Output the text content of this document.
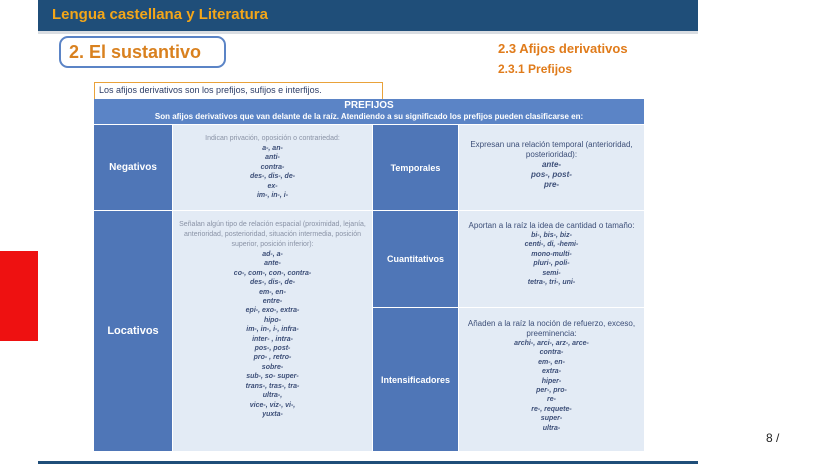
Lengua castellana y Literatura
2. El sustantivo	2.3 Afijos derivativos
2.3.1 Prefijos
Los afijos derivativos son los prefijos, sufijos e interfijos.
PREFIJOS
Son afijos derivativos que van delante de la raíz. Atendiendo a su significado los prefijos pueden clasificarse en:
Negativos
Indican privación, oposición o contrariedad:
a-, an-
anti-
contra-
des-, dis-, de-
ex-
im-, in-, i-
Temporales
Expresan una relación temporal (anterioridad, posterioridad):
ante-
pos-, post-
pre-
Locativos
Señalan algún tipo de relación espacial (proximidad, lejanía, anterioridad, posterioridad, situación intermedia, posición superior, posición inferior):
ad-, a-
ante-
co-, com-, con-, contra-
des-, dis-, de-
em-, en-
entre-
epi-, exo-, extra-
hipo-
im-, in-, i-, infra-
inter- , intra-
pos-, post-
pro- , retro-
sobre-
sub-, so- super-
trans-, tras-, tra-
ultra-,
vice-, viz-, vi-,
yuxta-
Cuantitativos
Aportan a la raíz la idea de cantidad o tamaño:
bi-, bis-, biz-
centi-, di, -hemi-
mono-multi-
pluri-, poli-
semi-
tetra-, tri-, uni-
Intensificadores
Añaden a la raíz la noción de refuerzo, exceso, preeminencia:
archi-, arci-, arz-, arce-
contra-
em-, en-
extra-
hiper-
per-, pro-
re-
re-, requete-
super-
ultra-
8 /
